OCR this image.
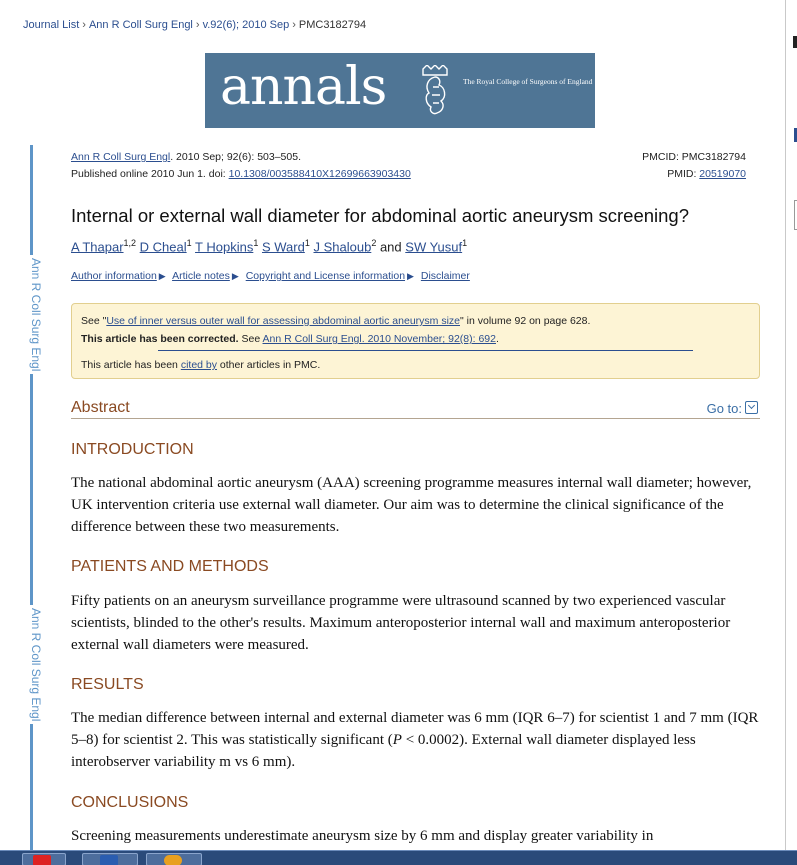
Journal List › Ann R Coll Surg Engl › v.92(6); 2010 Sep › PMC3182794
annals	The Royal College of Surgeons of England
Ann R Coll Surg Engl
Ann R Coll Surg Engl
Ann R Coll Surg Engl. 2010 Sep; 92(6): 503–505.
Published online 2010 Jun 1. doi: 10.1308/003588410X12699663903430
PMCID: PMC3182794
PMID: 20519070
Internal or external wall diameter for abdominal aortic aneurysm screening?
A Thapar$^{1,2}$ D Cheal$^1$ T Hopkins$^1$ S Ward$^1$ J Shaloub$^2$ and SW Yusuf$^1$
Author information ▶ Article notes ▶ Copyright and License information ▶ Disclaimer

See "Use of inner versus outer wall for assessing abdominal aortic aneurysm size" in volume 92 on page 628.

This article has been corrected. See Ann R Coll Surg Engl. 2010 November; 92(8): 692.

This article has been cited by other articles in PMC.

Abstract	Go to:
INTRODUCTION
The national abdominal aortic aneurysm (AAA) screening programme measures internal wall diameter; however, UK intervention criteria use external wall diameter. Our aim was to determine the clinical significance of the difference between these two measurements.
PATIENTS AND METHODS
Fifty patients on an aneurysm surveillance programme were ultrasound scanned by two experienced vascular scientists, blinded to the other's results. Maximum anteroposterior internal wall and maximum anteroposterior external wall diameters were measured.
RESULTS
The median difference between internal and external diameter was 6 mm (IQR 6–7) for scientist 1 and 7 mm (IQR 5–8) for scientist 2. This was statistically significant (P < 0.0002). External wall diameter displayed less interobserver variability m vs 6 mm).
CONCLUSIONS
Screening measurements underestimate aneurysm size by 6 mm and display greater variability in
